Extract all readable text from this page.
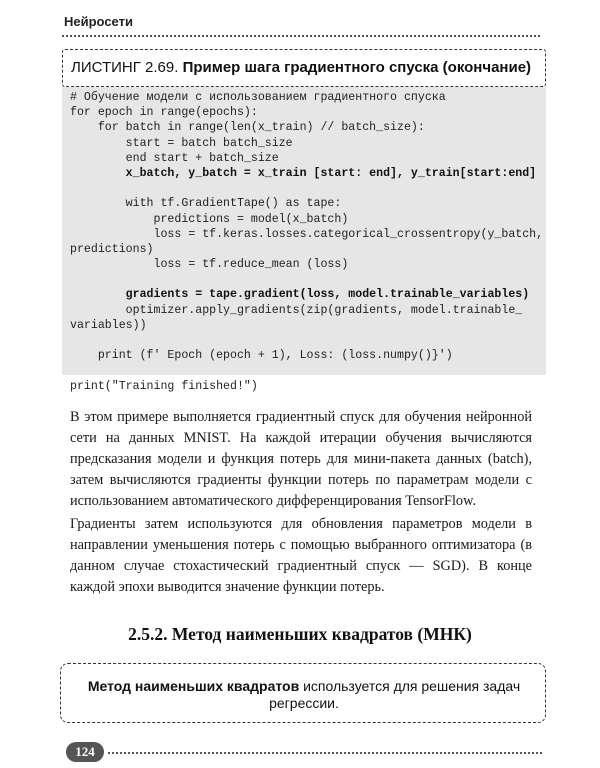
Нейросети
ЛИСТИНГ 2.69. Пример шага градиентного спуска (окончание)
# Обучение модели с использованием градиентного спуска
for epoch in range(epochs):
for batch in range(len(x_train) // batch_size):
start = batch batch_size
end start + batch_size
x_batch, y_batch = x_train [start: end], y_train[start:end]
with tf.GradientTape() as tape:
predictions = model(x_batch)
loss = tf.keras.losses.categorical_crossentropy(y_batch,
predictions)
loss = tf.reduce_mean (loss)
gradients = tape.gradient(loss, model.trainable_variables)
optimizer.apply_gradients(zip(gradients, model.trainable_
variables))
print (f' Epoch (epoch + 1), Loss: (loss.numpy()}')
print("Training finished!")

В этом примере выполняется градиентный спуск для обучения нейронной сети на данных MNIST. На каждой итерации обучения вычисляются предсказания модели и функция потерь для мини-пакета данных (batch), затем вычисляются градиенты функции потерь по параметрам модели с использованием автоматического дифференцирования TensorFlow.

Градиенты затем используются для обновления параметров модели в направлении уменьшения потерь с помощью выбранного оптимизатора (в данном случае стохастический градиентный спуск — SGD). В конце каждой эпохи выводится значение функции потерь.

2.5.2. Метод наименьших квадратов (МНК)
Метод наименьших квадратов используется для решения задач регрессии.
124
